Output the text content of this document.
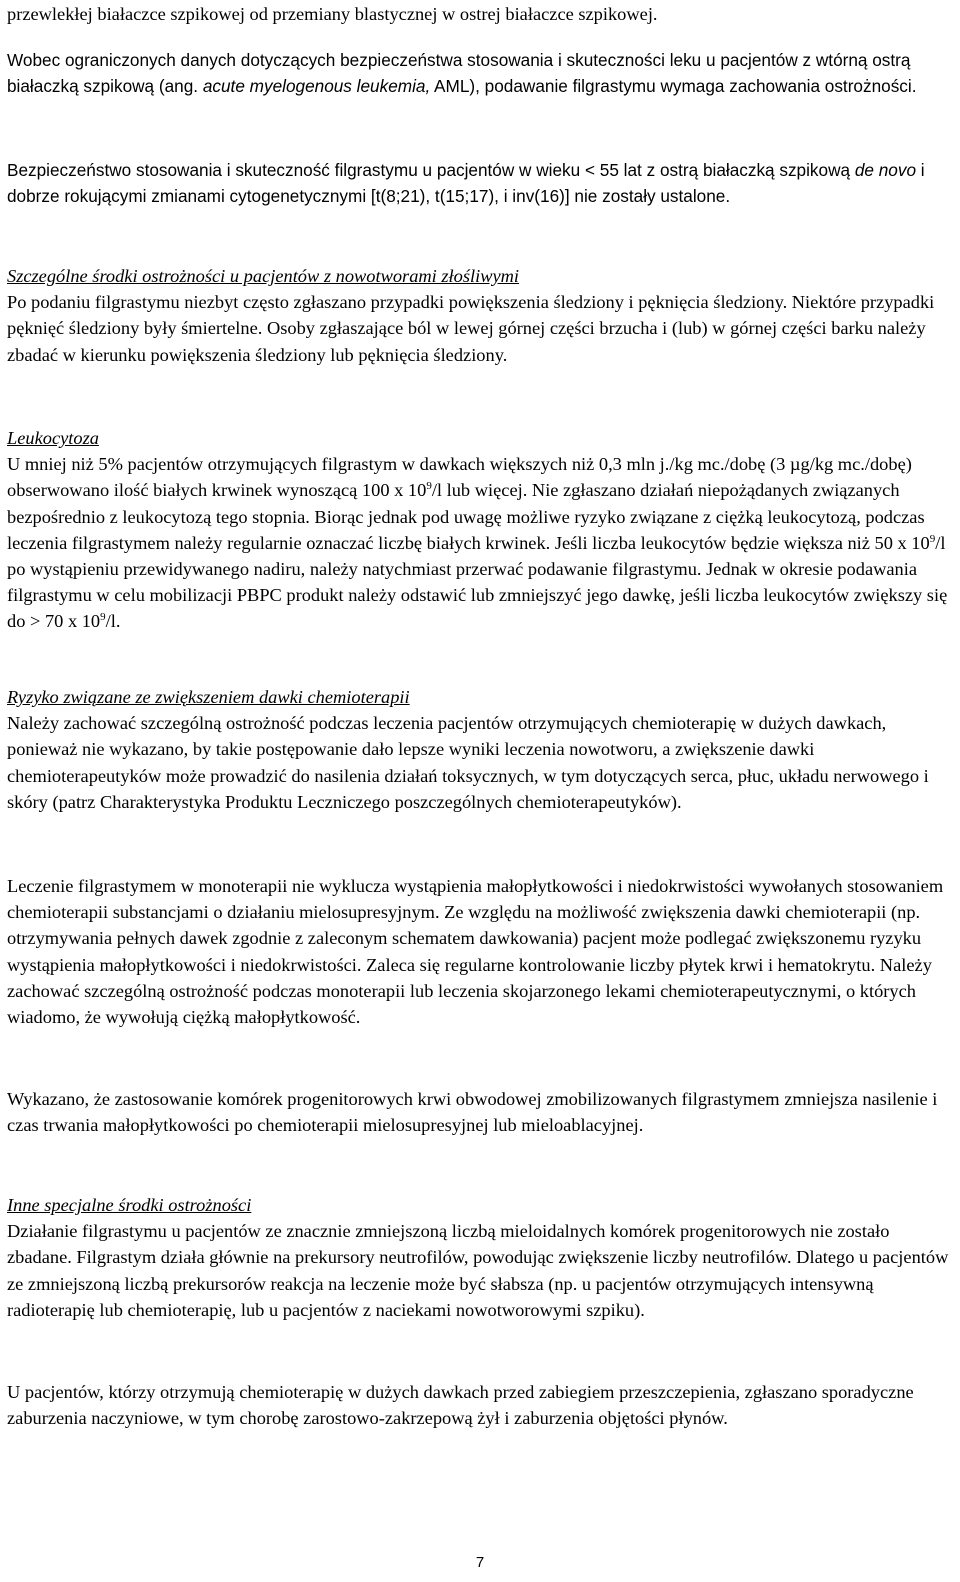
przewlekłej białaczce szpikowej od przemiany blastycznej w ostrej białaczce szpikowej.

Wobec ograniczonych danych dotyczących bezpieczeństwa stosowania i skuteczności leku u pacjentów z wtórną ostrą białaczką szpikową (ang. acute myelogenous leukemia, AML), podawanie filgrastymu wymaga zachowania ostrożności.

Bezpieczeństwo stosowania i skuteczność filgrastymu u pacjentów w wieku < 55 lat z ostrą białaczką szpikową de novo i dobrze rokującymi zmianami cytogenetycznymi [t(8;21), t(15;17), i inv(16)] nie zostały ustalone.

Szczególne środki ostrożności u pacjentów z nowotworami złośliwymi
Po podaniu filgrastymu niezbyt często zgłaszano przypadki powiększenia śledziony i pęknięcia śledziony. Niektóre przypadki pęknięć śledziony były śmiertelne. Osoby zgłaszające ból w lewej górnej części brzucha i (lub) w górnej części barku należy zbadać w kierunku powiększenia śledziony lub pęknięcia śledziony.

Leukocytoza
U mniej niż 5% pacjentów otrzymujących filgrastym w dawkach większych niż 0,3 mln j./kg mc./dobę (3 µg/kg mc./dobę) obserwowano ilość białych krwinek wynoszącą 100 x $10^9/l$ lub więcej. Nie zgłaszano działań niepożądanych związanych bezpośrednio z leukocytozą tego stopnia. Biorąc jednak pod uwagę możliwe ryzyko związane z ciężką leukocytozą, podczas leczenia filgrastymem należy regularnie oznaczać liczbę białych krwinek. Jeśli liczba leukocytów będzie większa niż 50 x $10^9/l$ po wystąpieniu przewidywanego nadiru, należy natychmiast przerwać podawanie filgrastymu. Jednak w okresie podawania filgrastymu w celu mobilizacji PBPC produkt należy odstawić lub zmniejszyć jego dawkę, jeśli liczba leukocytów zwiększy się do > 70 x $10^9/l$.

Ryzyko związane ze zwiększeniem dawki chemioterapii
Należy zachować szczególną ostrożność podczas leczenia pacjentów otrzymujących chemioterapię w dużych dawkach, ponieważ nie wykazano, by takie postępowanie dało lepsze wyniki leczenia nowotworu, a zwiększenie dawki chemioterapeutyków może prowadzić do nasilenia działań toksycznych, w tym dotyczących serca, płuc, układu nerwowego i skóry (patrz Charakterystyka Produktu Leczniczego poszczególnych chemioterapeutyków).

Leczenie filgrastymem w monoterapii nie wyklucza wystąpienia małopłytkowości i niedokrwistości wywołanych stosowaniem chemioterapii substancjami o działaniu mielosupresyjnym. Ze względu na możliwość zwiększenia dawki chemioterapii (np. otrzymywania pełnych dawek zgodnie z zaleconym schematem dawkowania) pacjent może podlegać zwiększonemu ryzyku wystąpienia małopłytkowości i niedokrwistości. Zaleca się regularne kontrolowanie liczby płytek krwi i hematokrytu. Należy zachować szczególną ostrożność podczas monoterapii lub leczenia skojarzonego lekami chemioterapeutycznymi, o których wiadomo, że wywołują ciężką małopłytkowość.

Wykazano, że zastosowanie komórek progenitorowych krwi obwodowej zmobilizowanych filgrastymem zmniejsza nasilenie i czas trwania małopłytkowości po chemioterapii mielosupresyjnej lub mieloablacyjnej.

Inne specjalne środki ostrożności
Działanie filgrastymu u pacjentów ze znacznie zmniejszoną liczbą mieloidalnych komórek progenitorowych nie zostało zbadane. Filgrastym działa głównie na prekursory neutrofilów, powodując zwiększenie liczby neutrofilów. Dlatego u pacjentów ze zmniejszoną liczbą prekursorów reakcja na leczenie może być słabsza (np. u pacjentów otrzymujących intensywną radioterapię lub chemioterapię, lub u pacjentów z naciekami nowotworowymi szpiku).

U pacjentów, którzy otrzymują chemioterapię w dużych dawkach przed zabiegiem przeszczepienia, zgłaszano sporadyczne zaburzenia naczyniowe, w tym chorobę zarostowo-zakrzepową żył i zaburzenia objętości płynów.

7
